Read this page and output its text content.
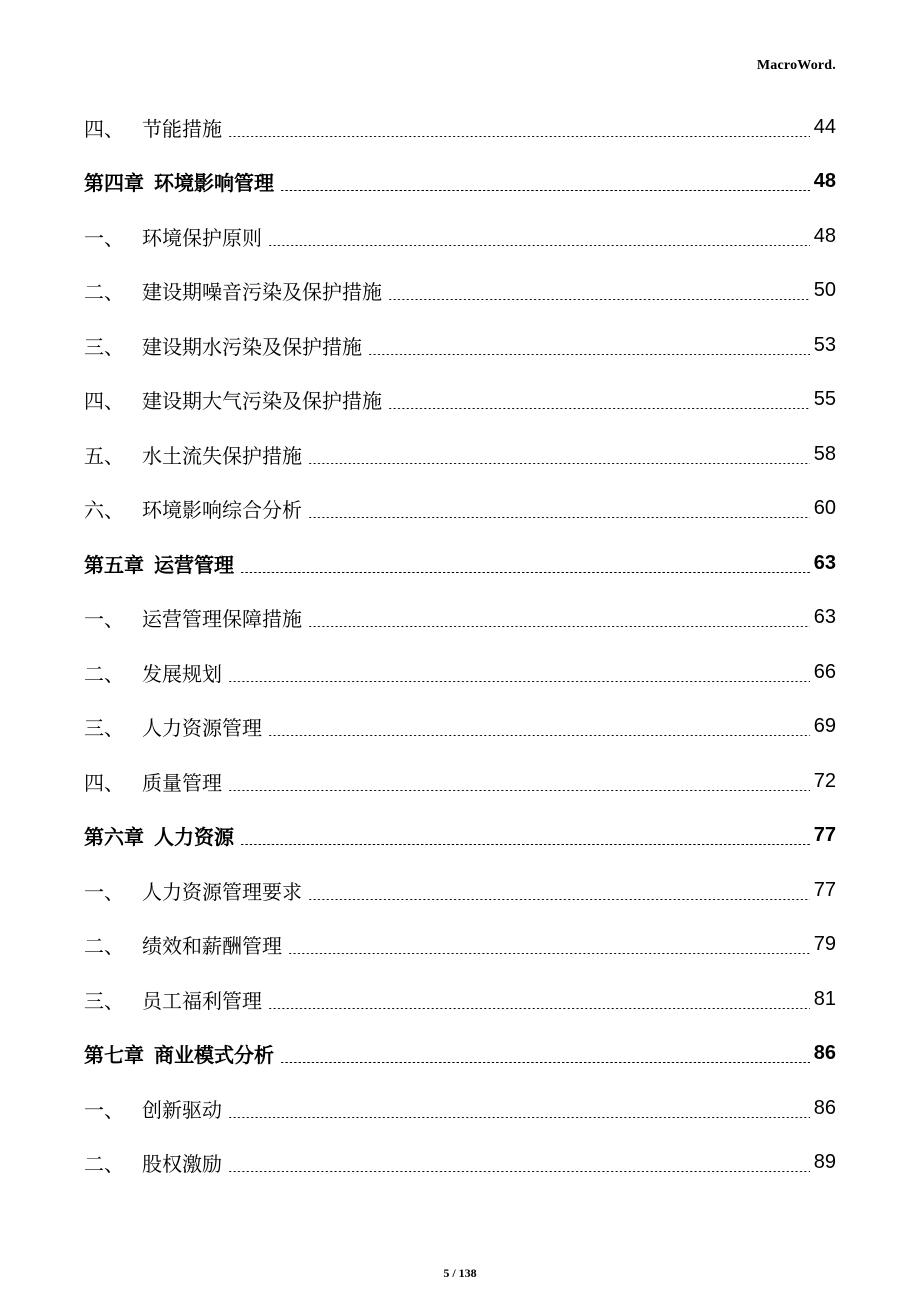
MacroWord.
四、 节能措施	44
第四章 环境影响管理	48
一、 环境保护原则	48
二、 建设期噪音污染及保护措施	50
三、 建设期水污染及保护措施	53
四、 建设期大气污染及保护措施	55
五、 水土流失保护措施	58
六、 环境影响综合分析	60
第五章 运营管理	63
一、 运营管理保障措施	63
二、 发展规划	66
三、 人力资源管理	69
四、 质量管理	72
第六章 人力资源	77
一、 人力资源管理要求	77
二、 绩效和薪酬管理	79
三、 员工福利管理	81
第七章 商业模式分析	86
一、 创新驱动	86
二、 股权激励	89
5 / 138
